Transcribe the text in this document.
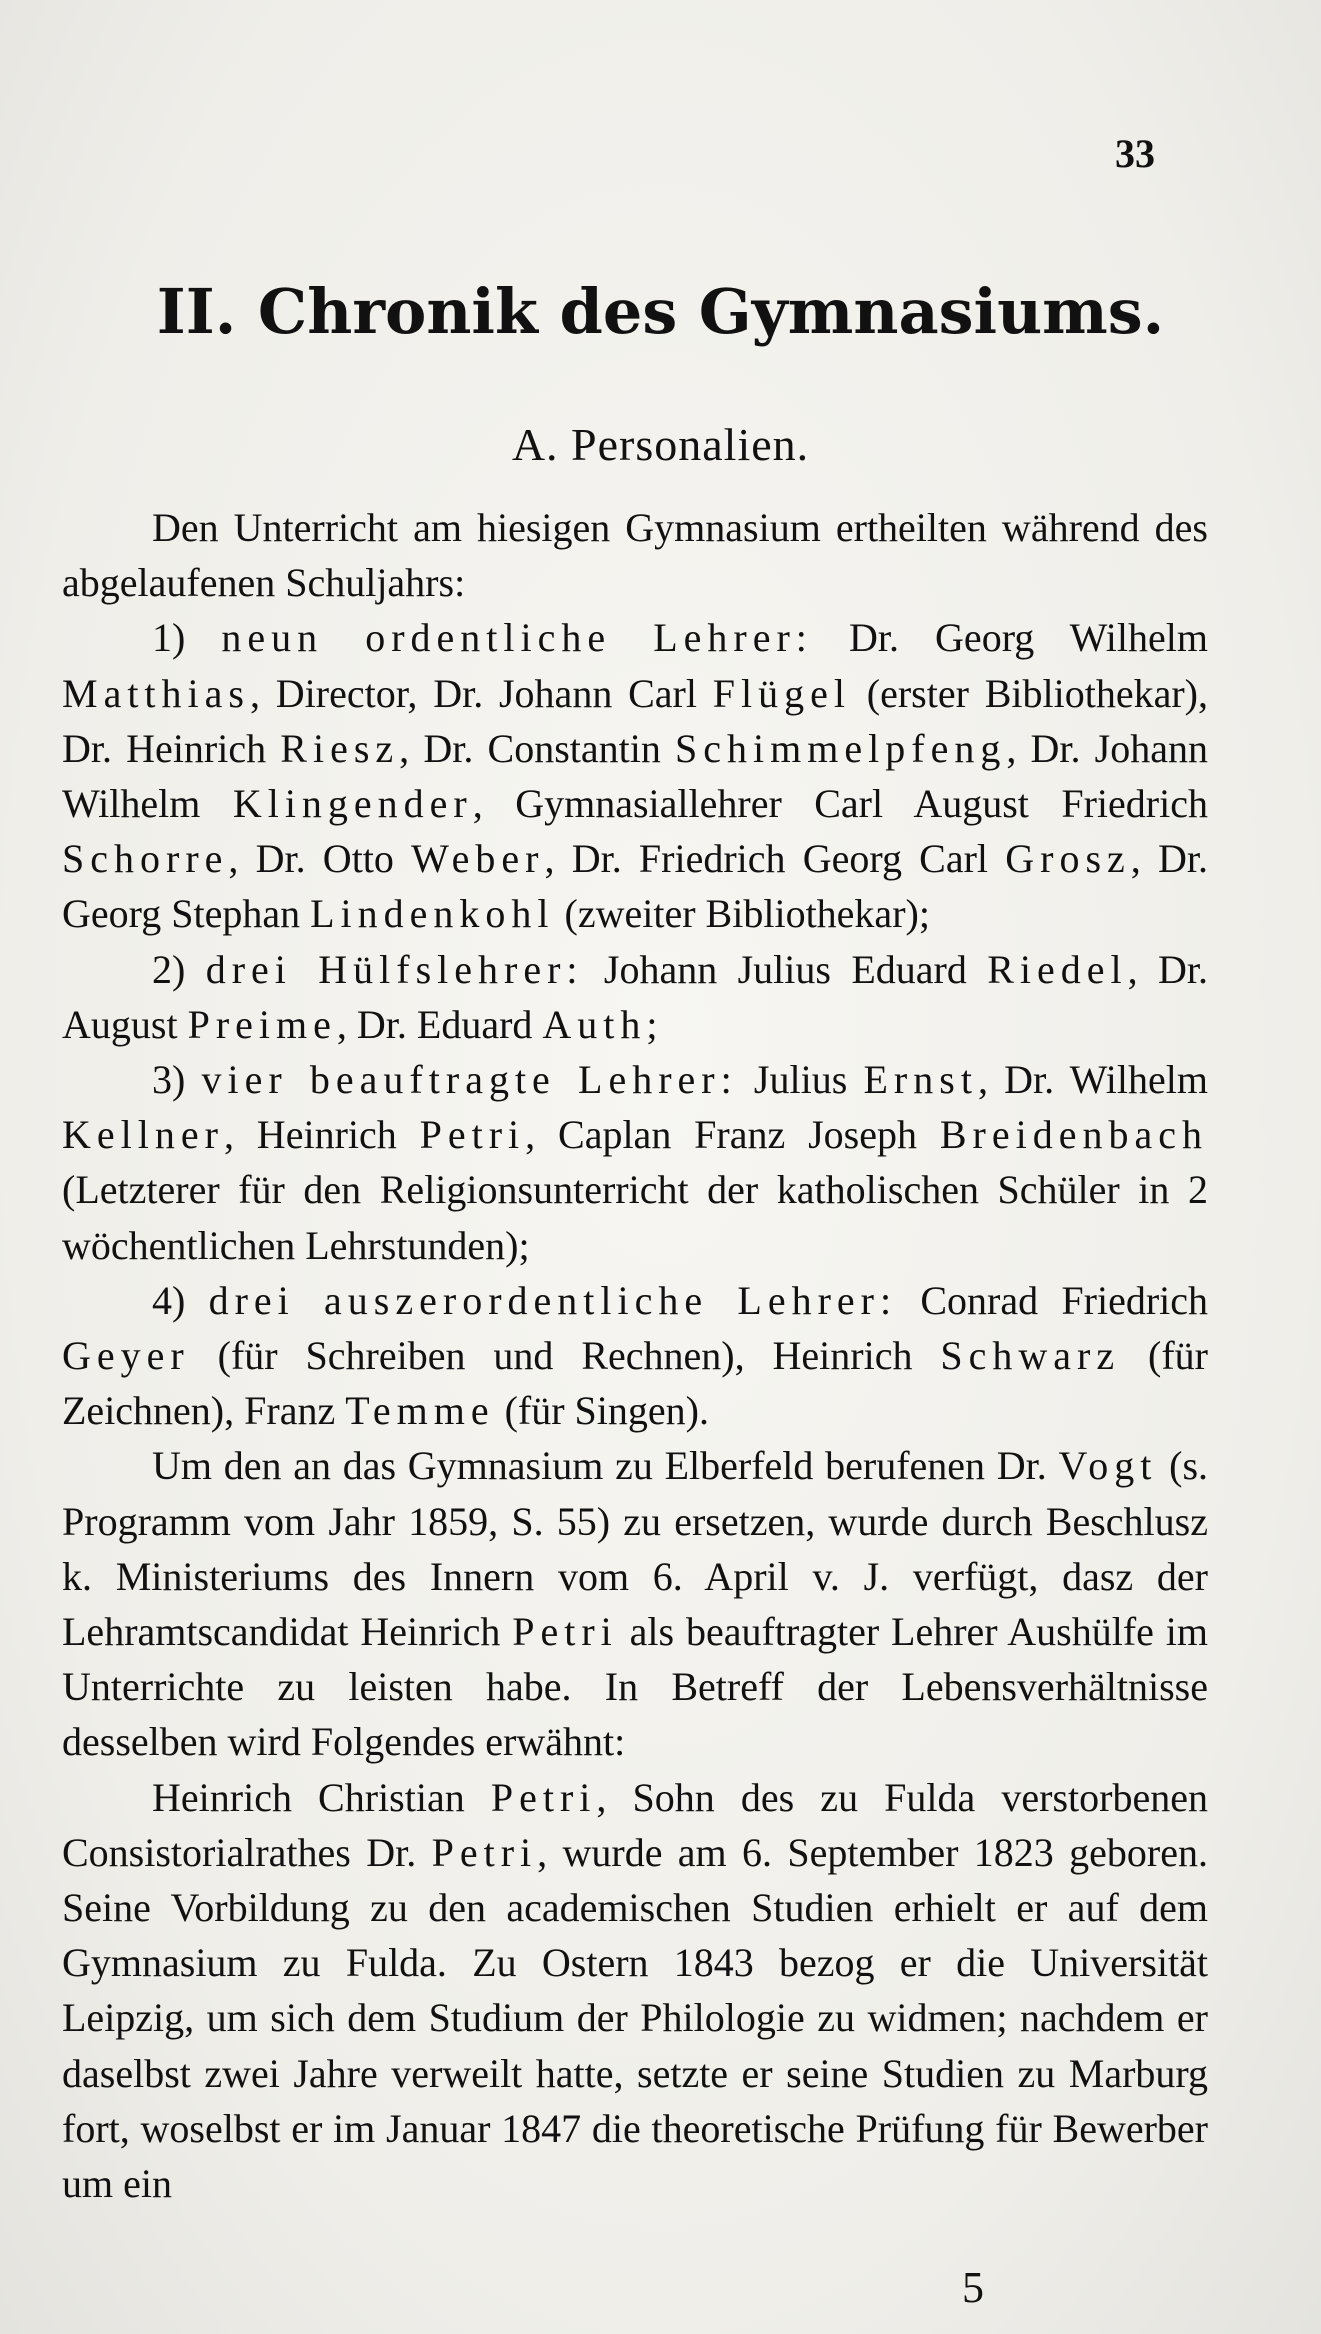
33
II. Chronik des Gymnasiums.
A. Personalien.

Den Unterricht am hiesigen Gymnasium ertheilten während des abgelaufenen Schuljahrs:

1) neun ordentliche Lehrer: Dr. Georg Wilhelm Matthias, Director, Dr. Johann Carl Flügel (erster Bibliothekar), Dr. Heinrich Riesz, Dr. Constantin Schimmelpfeng, Dr. Johann Wilhelm Klingender, Gymnasiallehrer Carl August Friedrich Schorre, Dr. Otto Weber, Dr. Friedrich Georg Carl Grosz, Dr. Georg Stephan Lindenkohl (zweiter Bibliothekar);

2) drei Hülfslehrer: Johann Julius Eduard Riedel, Dr. August Preime, Dr. Eduard Auth;

3) vier beauftragte Lehrer: Julius Ernst, Dr. Wilhelm Kellner, Heinrich Petri, Caplan Franz Joseph Breidenbach (Letzterer für den Religionsunterricht der katholischen Schüler in 2 wöchentlichen Lehrstunden);

4) drei auszerordentliche Lehrer: Conrad Friedrich Geyer (für Schreiben und Rechnen), Heinrich Schwarz (für Zeichnen), Franz Temme (für Singen).

Um den an das Gymnasium zu Elberfeld berufenen Dr. Vogt (s. Programm vom Jahr 1859, S. 55) zu ersetzen, wurde durch Beschlusz k. Ministeriums des Innern vom 6. April v. J. verfügt, dasz der Lehramtscandidat Heinrich Petri als beauftragter Lehrer Aushülfe im Unterrichte zu leisten habe. In Betreff der Lebensverhältnisse desselben wird Folgendes erwähnt:

Heinrich Christian Petri, Sohn des zu Fulda verstorbenen Consistorialrathes Dr. Petri, wurde am 6. September 1823 geboren. Seine Vorbildung zu den academischen Studien erhielt er auf dem Gymnasium zu Fulda. Zu Ostern 1843 bezog er die Universität Leipzig, um sich dem Studium der Philologie zu widmen; nachdem er daselbst zwei Jahre verweilt hatte, setzte er seine Studien zu Marburg fort, woselbst er im Januar 1847 die theoretische Prüfung für Bewerber um ein

5
